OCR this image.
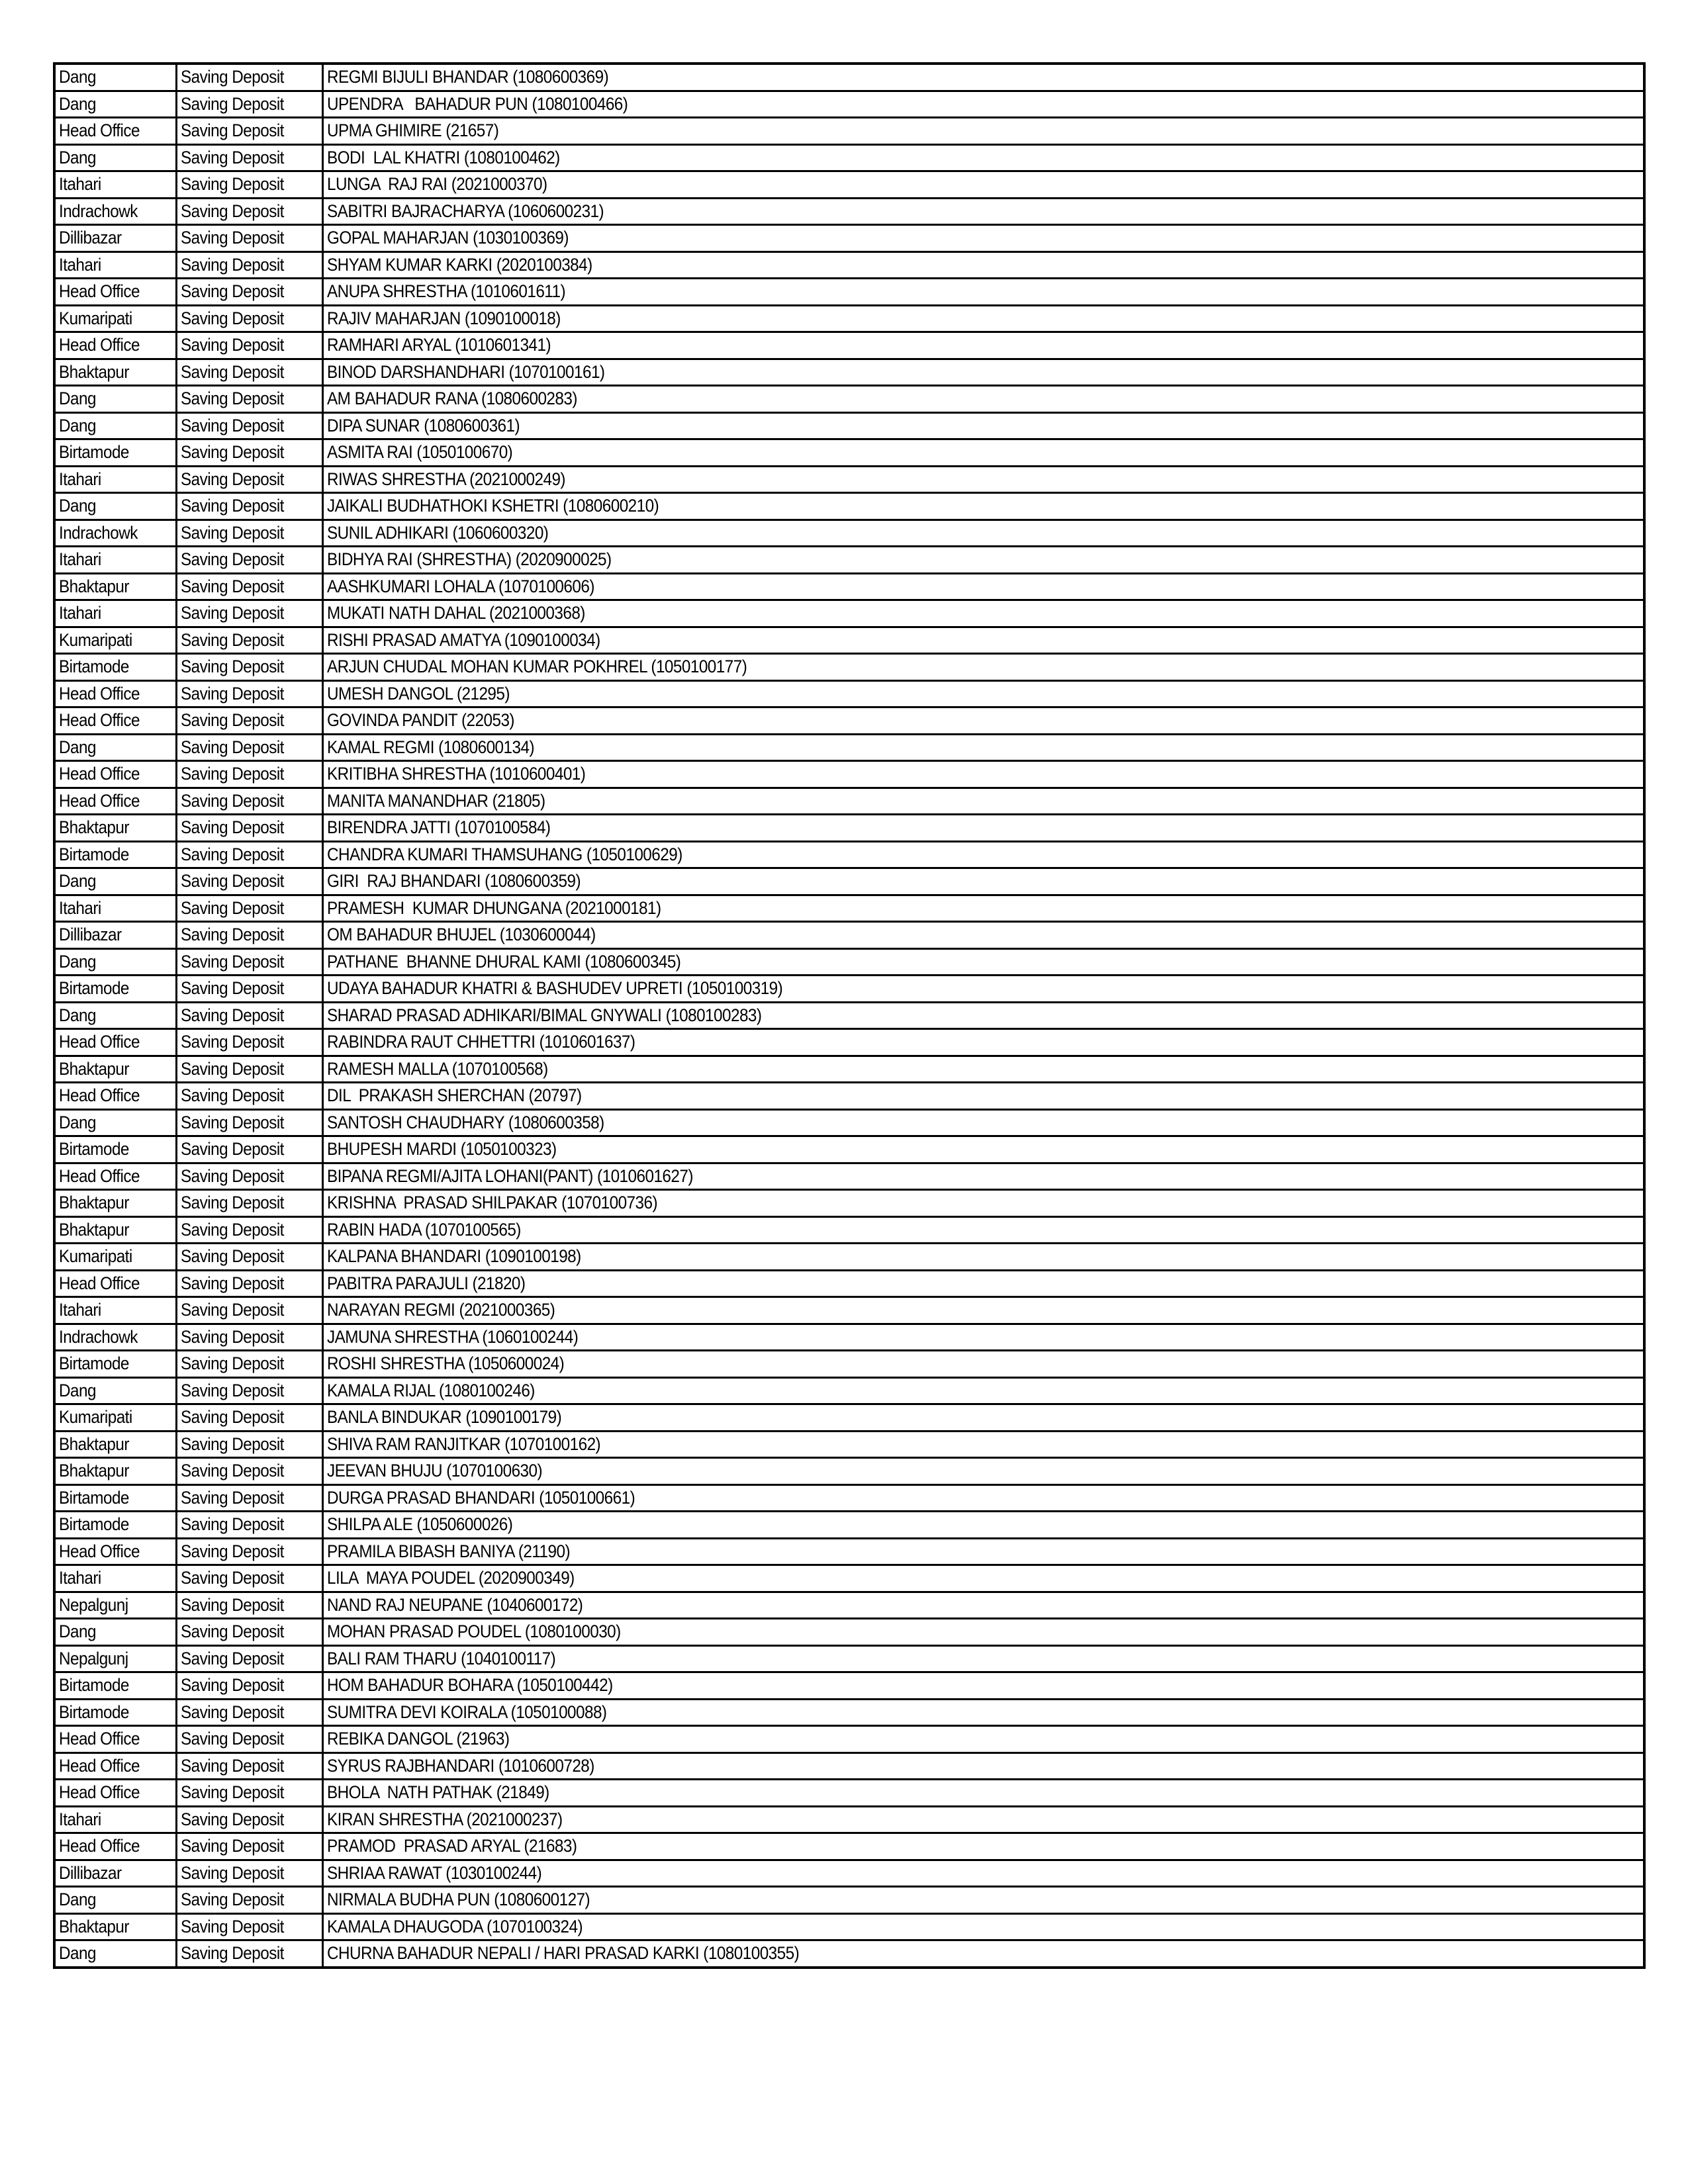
Dang	Saving Deposit	REGMI BIJULI BHANDAR (1080600369)
Dang	Saving Deposit	UPENDRA   BAHADUR PUN (1080100466)
Head Office	Saving Deposit	UPMA GHIMIRE (21657)
Dang	Saving Deposit	BODI  LAL KHATRI (1080100462)
Itahari	Saving Deposit	LUNGA  RAJ RAI (2021000370)
Indrachowk	Saving Deposit	SABITRI BAJRACHARYA (1060600231)
Dillibazar	Saving Deposit	GOPAL MAHARJAN (1030100369)
Itahari	Saving Deposit	SHYAM KUMAR KARKI (2020100384)
Head Office	Saving Deposit	ANUPA SHRESTHA (1010601611)
Kumaripati	Saving Deposit	RAJIV MAHARJAN (1090100018)
Head Office	Saving Deposit	RAMHARI ARYAL (1010601341)
Bhaktapur	Saving Deposit	BINOD DARSHANDHARI (1070100161)
Dang	Saving Deposit	AM BAHADUR RANA (1080600283)
Dang	Saving Deposit	DIPA SUNAR (1080600361)
Birtamode	Saving Deposit	ASMITA RAI (1050100670)
Itahari	Saving Deposit	RIWAS SHRESTHA (2021000249)
Dang	Saving Deposit	JAIKALI BUDHATHOKI KSHETRI (1080600210)
Indrachowk	Saving Deposit	SUNIL ADHIKARI (1060600320)
Itahari	Saving Deposit	BIDHYA RAI (SHRESTHA) (2020900025)
Bhaktapur	Saving Deposit	AASHKUMARI LOHALA (1070100606)
Itahari	Saving Deposit	MUKATI NATH DAHAL (2021000368)
Kumaripati	Saving Deposit	RISHI PRASAD AMATYA (1090100034)
Birtamode	Saving Deposit	ARJUN CHUDAL MOHAN KUMAR POKHREL (1050100177)
Head Office	Saving Deposit	UMESH DANGOL (21295)
Head Office	Saving Deposit	GOVINDA PANDIT (22053)
Dang	Saving Deposit	KAMAL REGMI (1080600134)
Head Office	Saving Deposit	KRITIBHA SHRESTHA (1010600401)
Head Office	Saving Deposit	MANITA MANANDHAR (21805)
Bhaktapur	Saving Deposit	BIRENDRA JATTI (1070100584)
Birtamode	Saving Deposit	CHANDRA KUMARI THAMSUHANG (1050100629)
Dang	Saving Deposit	GIRI  RAJ BHANDARI (1080600359)
Itahari	Saving Deposit	PRAMESH  KUMAR DHUNGANA (2021000181)
Dillibazar	Saving Deposit	OM BAHADUR BHUJEL (1030600044)
Dang	Saving Deposit	PATHANE  BHANNE DHURAL KAMI (1080600345)
Birtamode	Saving Deposit	UDAYA BAHADUR KHATRI & BASHUDEV UPRETI (1050100319)
Dang	Saving Deposit	SHARAD PRASAD ADHIKARI/BIMAL GNYWALI (1080100283)
Head Office	Saving Deposit	RABINDRA RAUT CHHETTRI (1010601637)
Bhaktapur	Saving Deposit	RAMESH MALLA (1070100568)
Head Office	Saving Deposit	DIL  PRAKASH SHERCHAN (20797)
Dang	Saving Deposit	SANTOSH CHAUDHARY (1080600358)
Birtamode	Saving Deposit	BHUPESH MARDI (1050100323)
Head Office	Saving Deposit	BIPANA REGMI/AJITA LOHANI(PANT) (1010601627)
Bhaktapur	Saving Deposit	KRISHNA  PRASAD SHILPAKAR (1070100736)
Bhaktapur	Saving Deposit	RABIN HADA (1070100565)
Kumaripati	Saving Deposit	KALPANA BHANDARI (1090100198)
Head Office	Saving Deposit	PABITRA PARAJULI (21820)
Itahari	Saving Deposit	NARAYAN REGMI (2021000365)
Indrachowk	Saving Deposit	JAMUNA SHRESTHA (1060100244)
Birtamode	Saving Deposit	ROSHI SHRESTHA (1050600024)
Dang	Saving Deposit	KAMALA RIJAL (1080100246)
Kumaripati	Saving Deposit	BANLA BINDUKAR (1090100179)
Bhaktapur	Saving Deposit	SHIVA RAM RANJITKAR (1070100162)
Bhaktapur	Saving Deposit	JEEVAN BHUJU (1070100630)
Birtamode	Saving Deposit	DURGA PRASAD BHANDARI (1050100661)
Birtamode	Saving Deposit	SHILPA ALE (1050600026)
Head Office	Saving Deposit	PRAMILA BIBASH BANIYA (21190)
Itahari	Saving Deposit	LILA  MAYA POUDEL (2020900349)
Nepalgunj	Saving Deposit	NAND RAJ NEUPANE (1040600172)
Dang	Saving Deposit	MOHAN PRASAD POUDEL (1080100030)
Nepalgunj	Saving Deposit	BALI RAM THARU (1040100117)
Birtamode	Saving Deposit	HOM BAHADUR BOHARA (1050100442)
Birtamode	Saving Deposit	SUMITRA DEVI KOIRALA (1050100088)
Head Office	Saving Deposit	REBIKA DANGOL (21963)
Head Office	Saving Deposit	SYRUS RAJBHANDARI (1010600728)
Head Office	Saving Deposit	BHOLA  NATH PATHAK (21849)
Itahari	Saving Deposit	KIRAN SHRESTHA (2021000237)
Head Office	Saving Deposit	PRAMOD  PRASAD ARYAL (21683)
Dillibazar	Saving Deposit	SHRIAA RAWAT (1030100244)
Dang	Saving Deposit	NIRMALA BUDHA PUN (1080600127)
Bhaktapur	Saving Deposit	KAMALA DHAUGODA (1070100324)
Dang	Saving Deposit	CHURNA BAHADUR NEPALI / HARI PRASAD KARKI (1080100355)
